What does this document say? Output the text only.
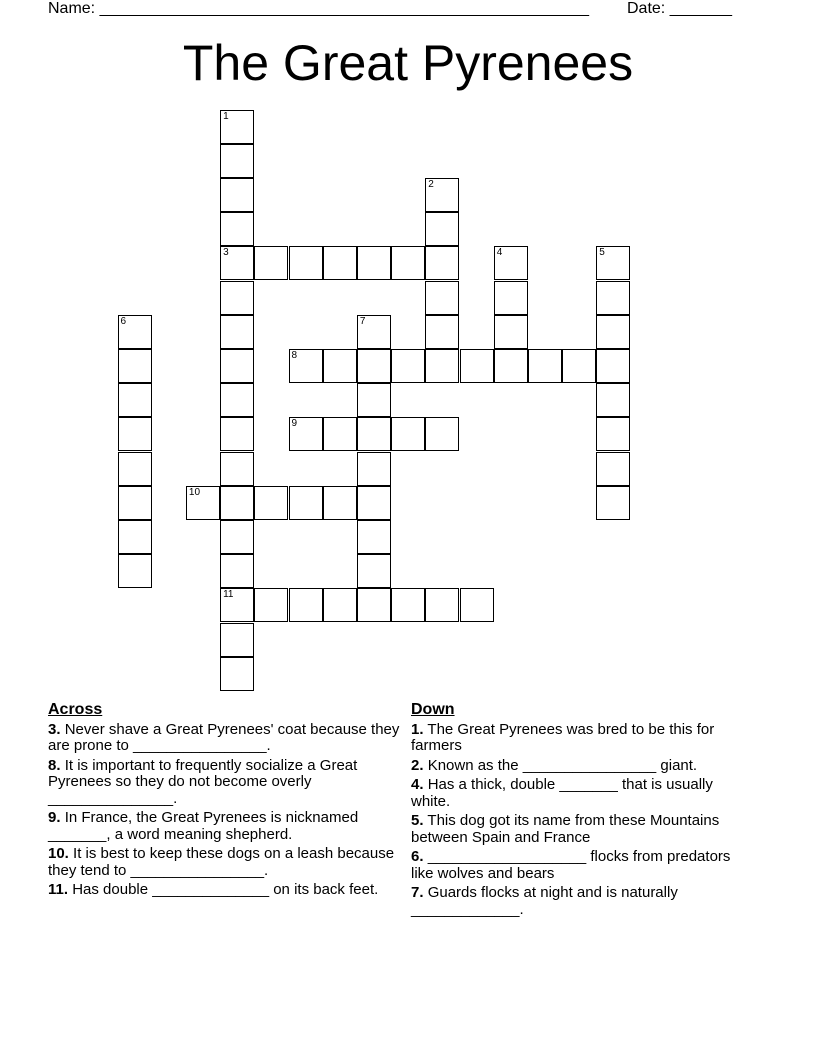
Name: _______________________________________________________ Date: _______
The Great Pyrenees
1
3
11
2
4	5
6	7
8
9
10
Across
3. Never shave a Great Pyrenees' coat because they are prone to ________________.
8. It is important to frequently socialize a Great Pyrenees so they do not become overly _______________.
9. In France, the Great Pyrenees is nicknamed _______, a word meaning shepherd.
10. It is best to keep these dogs on a leash because they tend to ________________.
11. Has double ______________ on its back feet.
Down
1. The Great Pyrenees was bred to be this for farmers
2. Known as the ________________ giant.
4. Has a thick, double _______ that is usually white.
5. This dog got its name from these Mountains between Spain and France
6. ___________________ flocks from predators like wolves and bears
7. Guards flocks at night and is naturally _____________.
